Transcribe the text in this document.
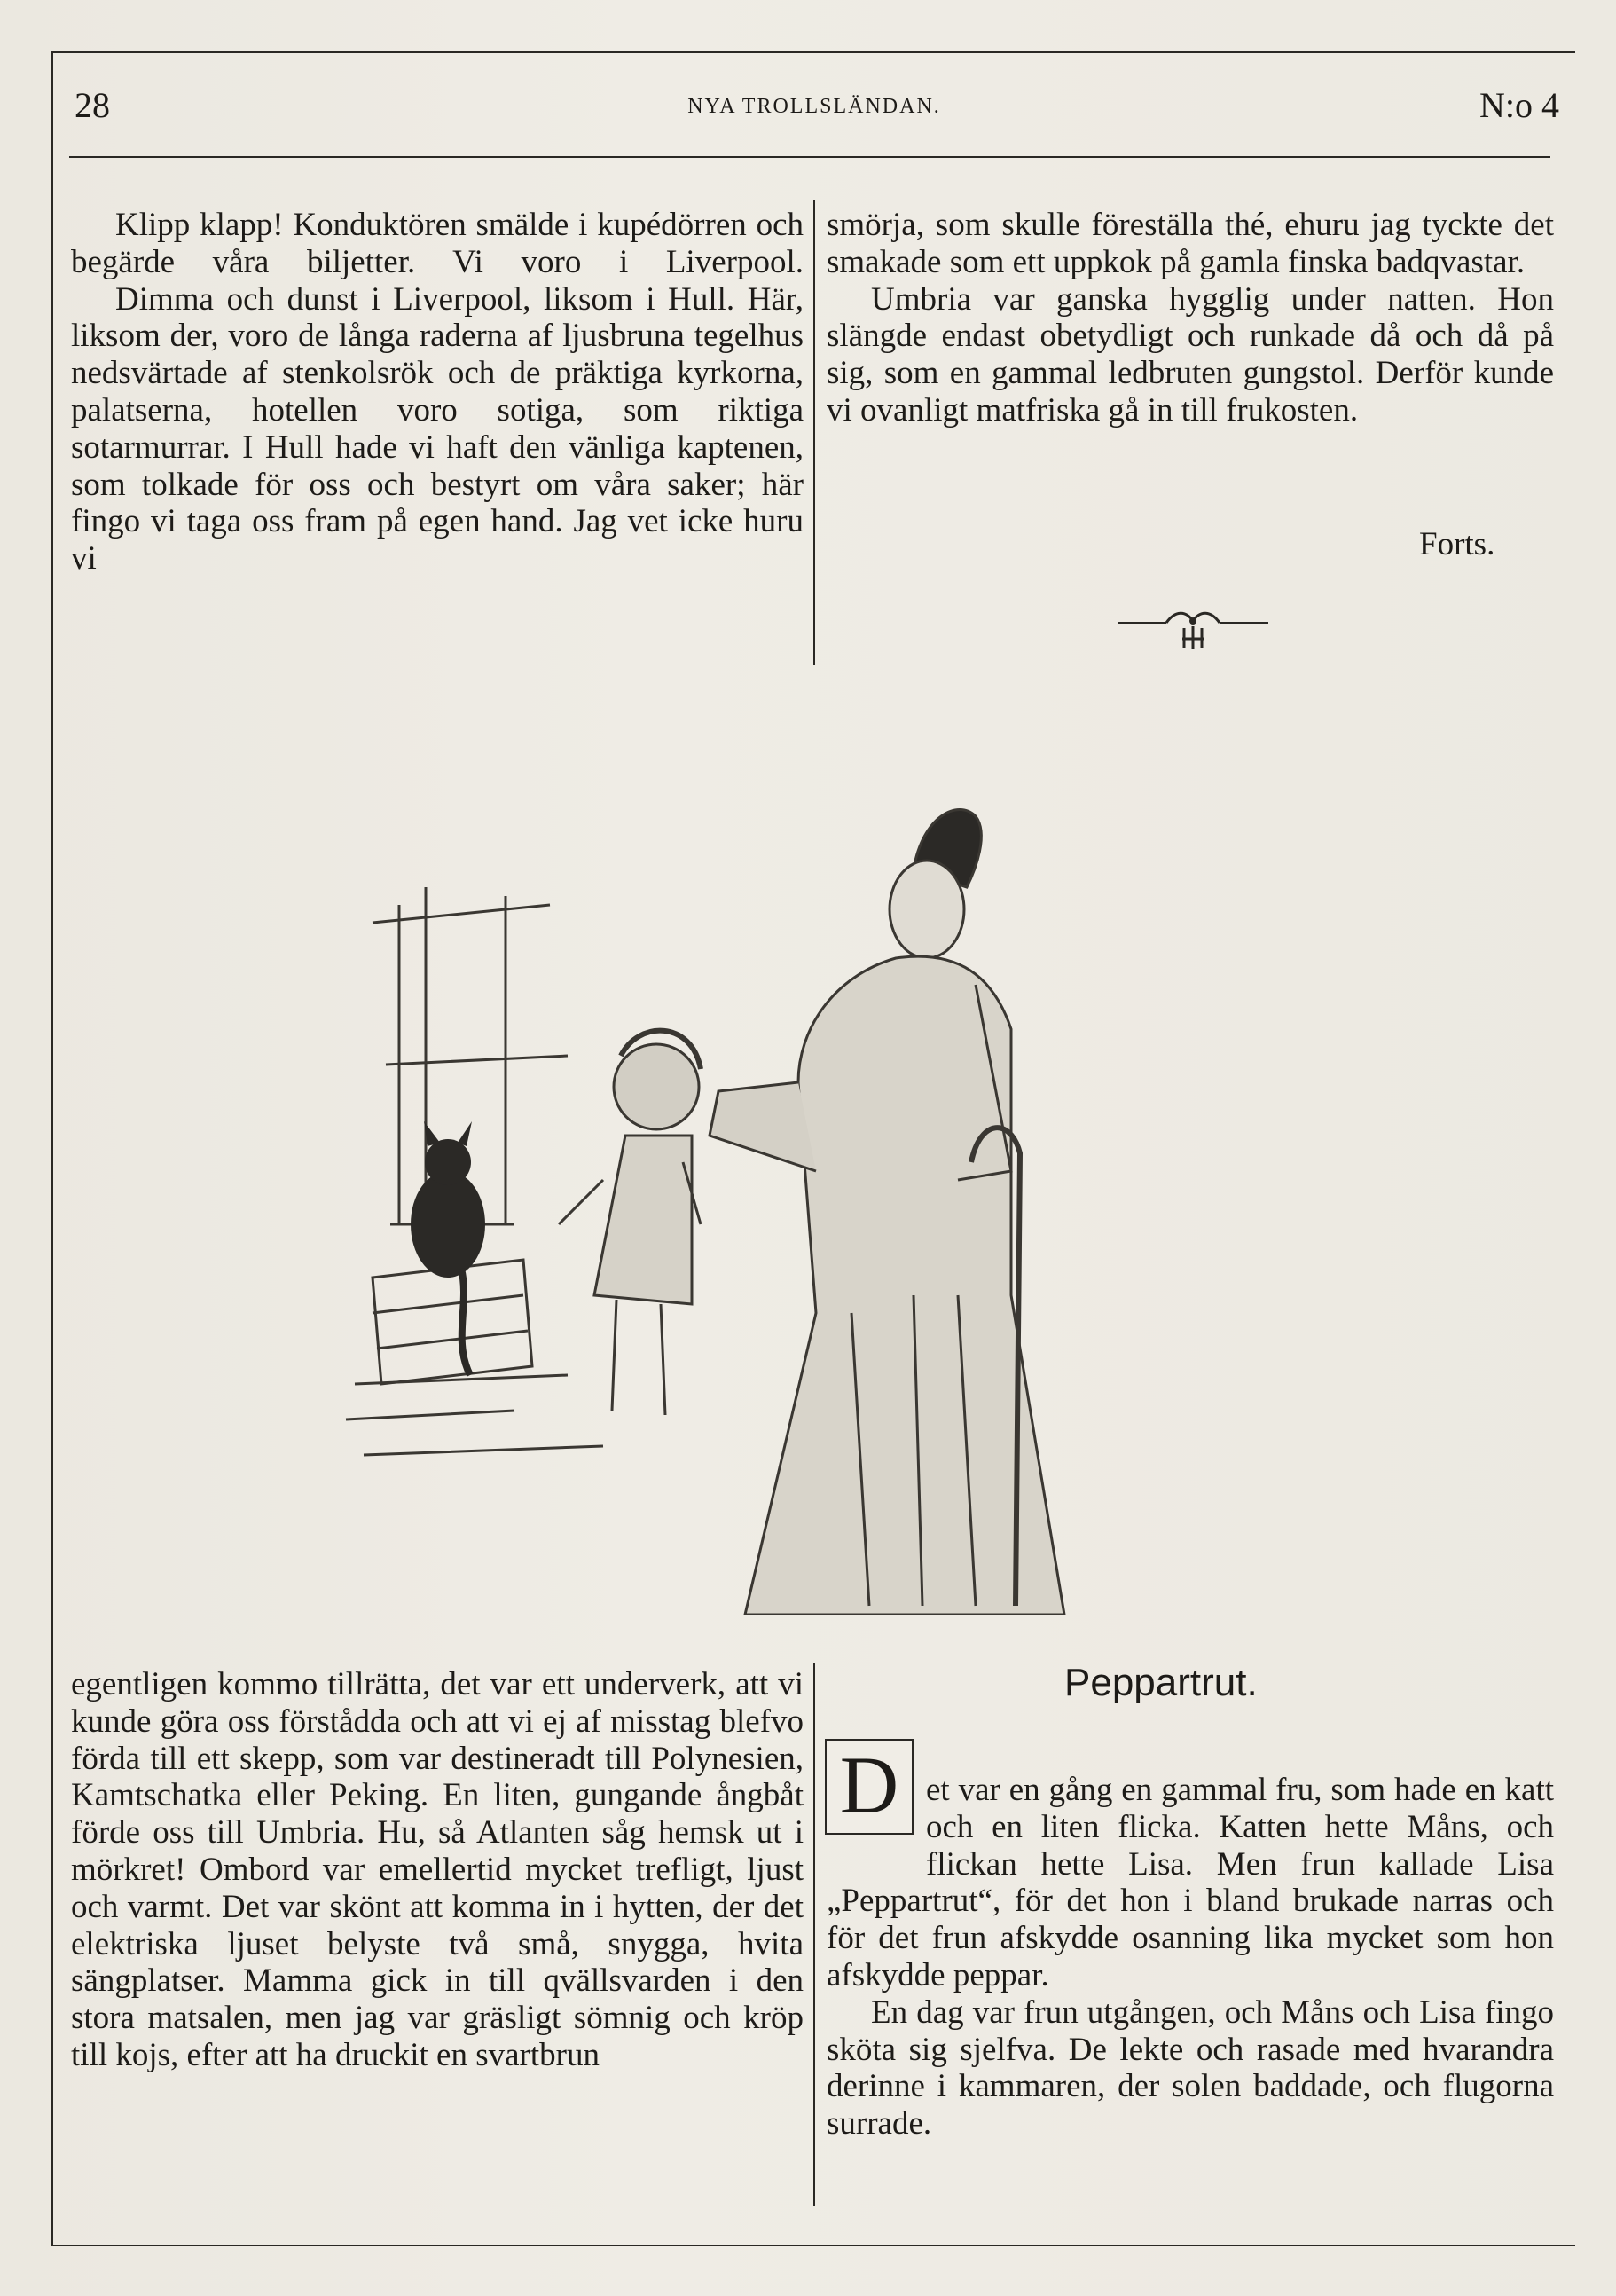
28	NYA TROLLSLÄNDAN.	N:o 4

Klipp klapp! Konduktören smälde i kupédörren och begärde våra biljetter. Vi voro i Liverpool.

Dimma och dunst i Liverpool, liksom i Hull. Här, liksom der, voro de långa raderna af ljusbruna tegelhus nedsvärtade af stenkolsrök och de präktiga kyrkorna, palatserna, hotellen voro sotiga, som riktiga sotarmurrar. I Hull hade vi haft den vänliga kaptenen, som tolkade för oss och bestyrt om våra saker; här fingo vi taga oss fram på egen hand. Jag vet icke huru vi

smörja, som skulle föreställa thé, ehuru jag tyckte det smakade som ett uppkok på gamla finska badqvastar.

Umbria var ganska hygglig under natten. Hon slängde endast obetydligt och runkade då och då på sig, som en gammal ledbruten gungstol. Derför kunde vi ovanligt matfriska gå in till frukosten.

Forts.

egentligen kommo tillrätta, det var ett underverk, att vi kunde göra oss förstådda och att vi ej af misstag blefvo förda till ett skepp, som var destineradt till Polynesien, Kamtschatka eller Peking. En liten, gungande ångbåt förde oss till Umbria. Hu, så Atlanten såg hemsk ut i mörkret! Ombord var emellertid mycket trefligt, ljust och varmt. Det var skönt att komma in i hytten, der det elektriska ljuset belyste två små, snygga, hvita sängplatser. Mamma gick in till qvällsvarden i den stora matsalen, men jag var gräsligt sömnig och kröp till kojs, efter att ha druckit en svartbrun

Peppartrut.
D et var en gång en gammal fru, som hade en katt och en liten flicka. Katten hette Måns, och flickan hette Lisa. Men frun kallade Lisa „Peppartrut“, för det hon i bland brukade narras och för det frun afskydde osanning lika mycket som hon afskydde peppar.

En dag var frun utgången, och Måns och Lisa fingo sköta sig sjelfva. De lekte och rasade med hvarandra derinne i kammaren, der solen baddade, och flugorna surrade.
